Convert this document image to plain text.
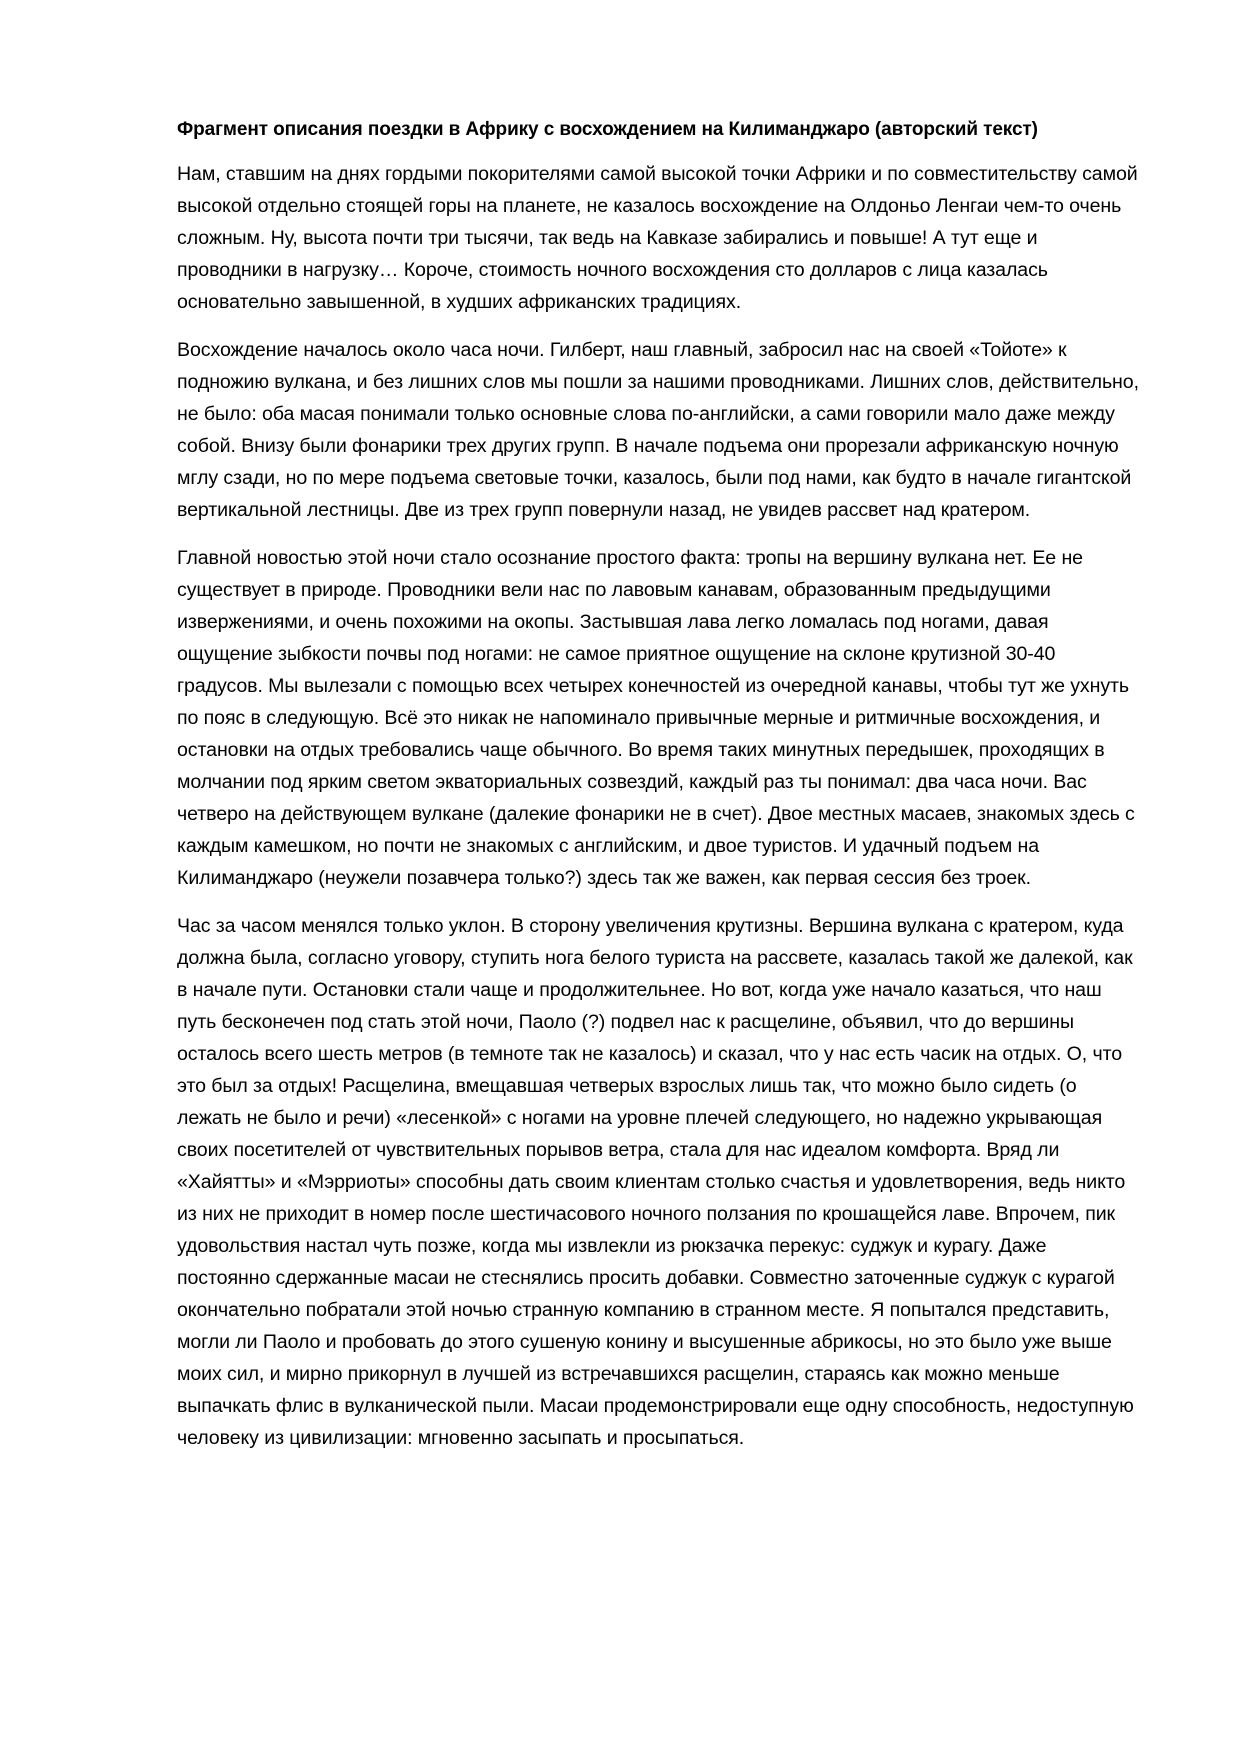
Фрагмент описания поездки в Африку с восхождением на Килиманджаро (авторский текст)

Нам, ставшим на днях гордыми покорителями самой высокой точки Африки и по совместительству самой высокой отдельно стоящей горы на планете, не казалось восхождение на Олдоньо Ленгаи чем-то очень сложным. Ну, высота почти три тысячи, так ведь на Кавказе забирались и повыше! А тут еще и проводники в нагрузку… Короче, стоимость ночного восхождения сто долларов с лица казалась основательно завышенной, в худших африканских традициях.

Восхождение началось около часа ночи. Гилберт, наш главный, забросил нас на своей «Тойоте» к подножию вулкана, и без лишних слов мы пошли за нашими проводниками. Лишних слов, действительно, не было: оба масая понимали только основные слова по-английски, а сами говорили мало даже между собой. Внизу были фонарики трех других групп. В начале подъема они прорезали африканскую ночную мглу сзади, но по мере подъема световые точки, казалось, были под нами, как будто в начале гигантской вертикальной лестницы. Две из трех групп повернули назад, не увидев рассвет над кратером.

Главной новостью этой ночи стало осознание простого факта: тропы на вершину вулкана нет. Ее не существует в природе. Проводники вели нас по лавовым канавам, образованным предыдущими извержениями, и очень похожими на окопы. Застывшая лава легко ломалась под ногами, давая ощущение зыбкости почвы под ногами: не самое приятное ощущение на склоне крутизной 30-40 градусов. Мы вылезали с помощью всех четырех конечностей из очередной канавы, чтобы тут же ухнуть по пояс в следующую. Всё это никак не напоминало привычные мерные и ритмичные восхождения, и остановки на отдых требовались чаще обычного. Во время таких минутных передышек, проходящих в молчании под ярким светом экваториальных созвездий, каждый раз ты понимал: два часа ночи. Вас четверо на действующем вулкане (далекие фонарики не в счет). Двое местных масаев, знакомых здесь с каждым камешком, но почти не знакомых с английским, и двое туристов. И удачный подъем на Килиманджаро (неужели позавчера только?) здесь так же важен, как первая сессия без троек.

Час за часом менялся только уклон. В сторону увеличения крутизны. Вершина вулкана с кратером, куда должна была, согласно уговору, ступить нога белого туриста на рассвете, казалась такой же далекой, как в начале пути. Остановки стали чаще и продолжительнее. Но вот, когда уже начало казаться, что наш путь бесконечен под стать этой ночи, Паоло (?) подвел нас к расщелине, объявил, что до вершины осталось всего шесть метров (в темноте так не казалось) и сказал, что у нас есть часик на отдых. О, что это был за отдых! Расщелина, вмещавшая четверых взрослых лишь так, что можно было сидеть (о лежать не было и речи) «лесенкой» с ногами на уровне плечей следующего, но надежно укрывающая своих посетителей от чувствительных порывов ветра, стала для нас идеалом комфорта. Вряд ли «Хайятты» и «Мэрриоты» способны дать своим клиентам столько счастья и удовлетворения, ведь никто из них не приходит в номер после шестичасового ночного ползания по крошащейся лаве. Впрочем, пик удовольствия настал чуть позже, когда мы извлекли из рюкзачка перекус: суджук и курагу. Даже постоянно сдержанные масаи не стеснялись просить добавки. Совместно заточенные суджук с курагой окончательно побратали этой ночью странную компанию в странном месте. Я попытался представить, могли ли Паоло и пробовать до этого сушеную конину и высушенные абрикосы, но это было уже выше моих сил, и мирно прикорнул в лучшей из встречавшихся расщелин, стараясь как можно меньше выпачкать флис в вулканической пыли. Масаи продемонстрировали еще одну способность, недоступную человеку из цивилизации: мгновенно засыпать и просыпаться.
